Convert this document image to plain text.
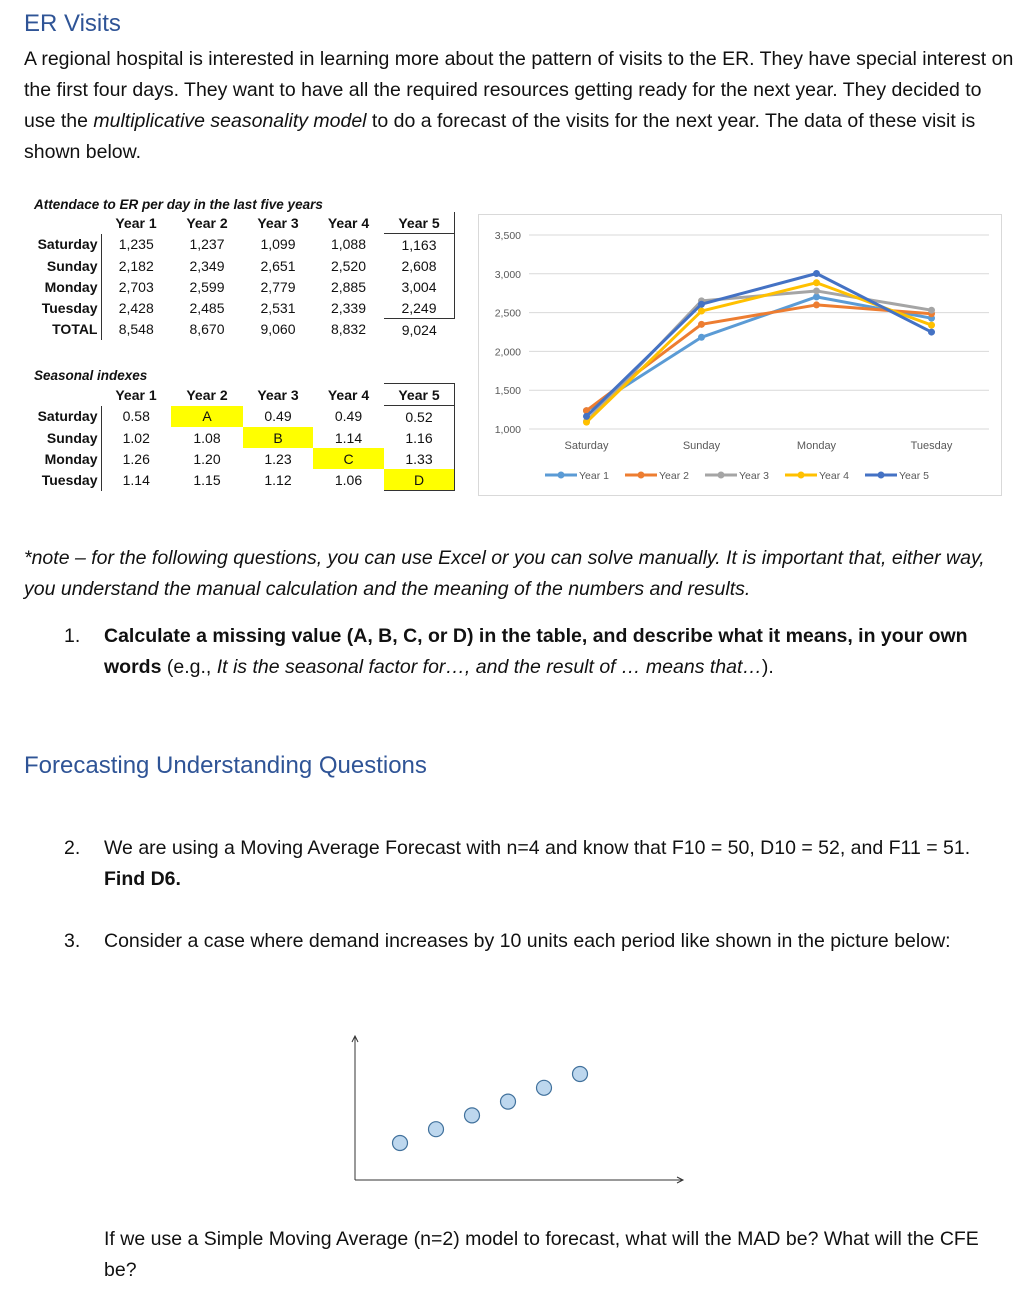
ER Visits
A regional hospital is interested in learning more about the pattern of visits to the ER. They have special interest on the first four days. They want to have all the required resources getting ready for the next year. They decided to use the multiplicative seasonality model to do a forecast of the visits for the next year. The data of these visit is shown below.
Attendace to ER per day in the last five years
	Year 1	Year 2	Year 3	Year 4	Year 5
Saturday	1,235	1,237	1,099	1,088	1,163
Sunday	2,182	2,349	2,651	2,520	2,608
Monday	2,703	2,599	2,779	2,885	3,004
Tuesday	2,428	2,485	2,531	2,339	2,249
TOTAL	8,548	8,670	9,060	8,832	9,024
Seasonal indexes
	Year 1	Year 2	Year 3	Year 4	Year 5
Saturday	0.58	A	0.49	0.49	0.52
Sunday	1.02	1.08	B	1.14	1.16
Monday	1.26	1.20	1.23	C	1.33
Tuesday	1.14	1.15	1.12	1.06	D
1,000
1,500
2,000
2,500
3,000
3,500
Saturday	Sunday	Monday	Tuesday
Year 1	Year 2	Year 3	Year 4	Year 5
*note – for the following questions, you can use Excel or you can solve manually. It is important that, either way, you understand the manual calculation and the meaning of the numbers and results.
1. Calculate a missing value (A, B, C, or D) in the table, and describe what it means, in your own words (e.g., It is the seasonal factor for…, and the result of … means that…).
Forecasting Understanding Questions
2. We are using a Moving Average Forecast with n=4 and know that F10 = 50, D10 = 52, and F11 = 51. Find D6.
3. Consider a case where demand increases by 10 units each period like shown in the picture below:
If we use a Simple Moving Average (n=2) model to forecast, what will the MAD be? What will the CFE be?
